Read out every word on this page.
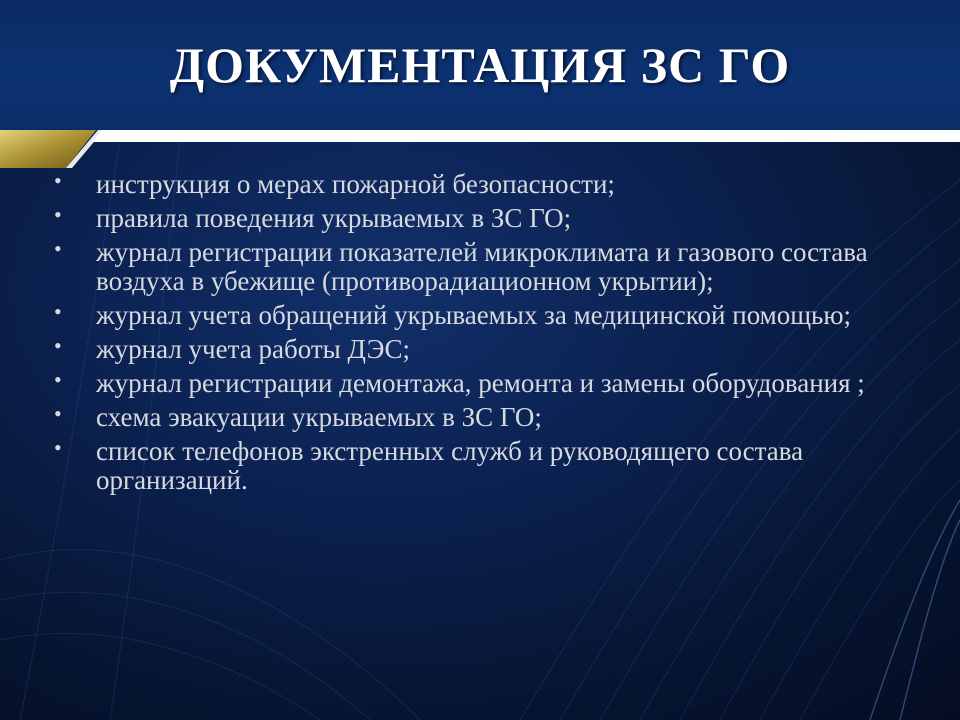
ДОКУМЕНТАЦИЯ ЗС ГО
• инструкция о мерах пожарной безопасности;
• правила поведения укрываемых в ЗС ГО;
• журнал регистрации показателей микроклимата и газового состава воздуха в убежище (противорадиационном укрытии);
• журнал учета обращений укрываемых за медицинской помощью;
• журнал учета работы ДЭС;
• журнал регистрации демонтажа, ремонта и замены оборудования ;
• схема эвакуации укрываемых в ЗС ГО;
• список телефонов экстренных служб и руководящего состава организаций.
